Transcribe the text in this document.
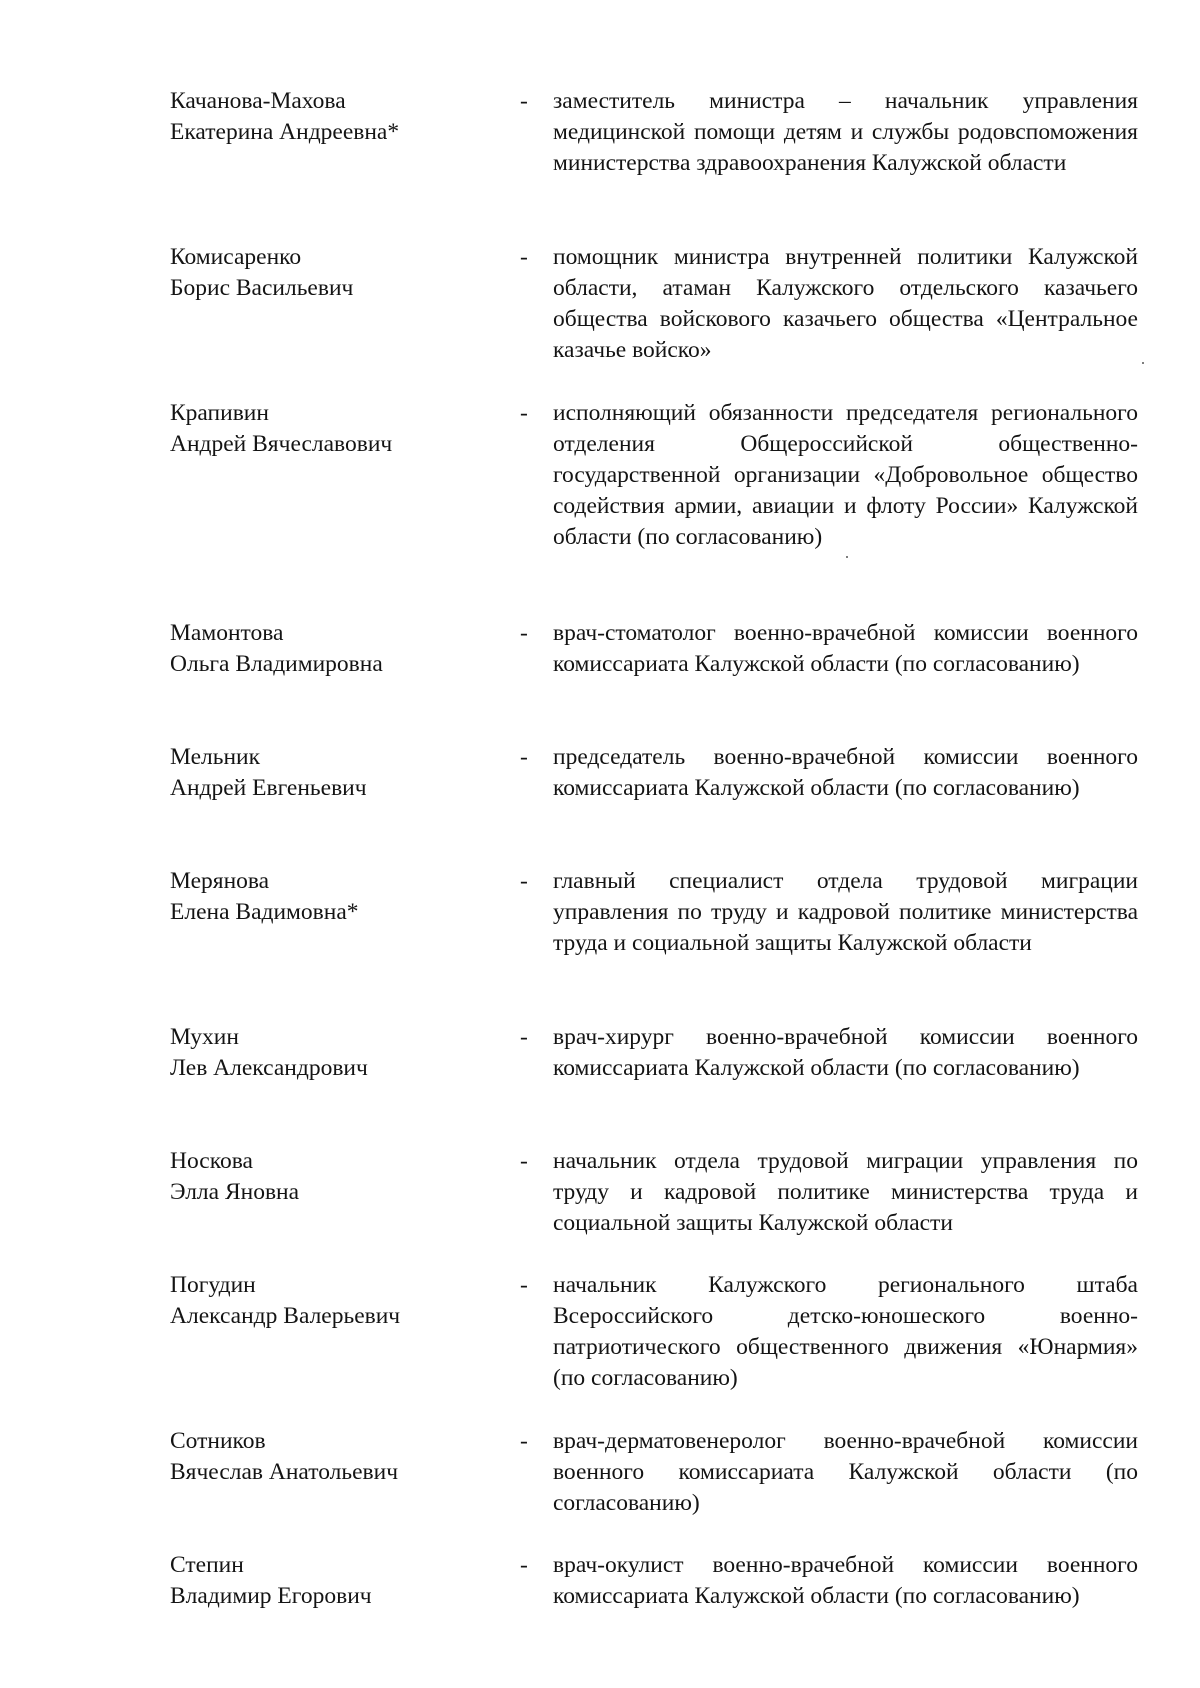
Качанова-Махова
Екатерина Андреевна*
- заместитель министра – начальник управления медицинской помощи детям и службы родовспоможения министерства здравоохранения Калужской области
Комисаренко
Борис Васильевич
- помощник министра внутренней политики Калужской области, атаман Калужского отдельского казачьего общества войскового казачьего общества «Центральное казачье войско»
Крапивин
Андрей Вячеславович
- исполняющий обязанности председателя регионального отделения Общероссийской общественно-государственной организации «Добровольное общество содействия армии, авиации и флоту России» Калужской области (по согласованию)
Мамонтова
Ольга Владимировна
- врач-стоматолог военно-врачебной комиссии военного комиссариата Калужской области (по согласованию)
Мельник
Андрей Евгеньевич
- председатель военно-врачебной комиссии военного комиссариата Калужской области (по согласованию)
Мерянова
Елена Вадимовна*
- главный специалист отдела трудовой миграции управления по труду и кадровой политике министерства труда и социальной защиты Калужской области
Мухин
Лев Александрович
- врач-хирург военно-врачебной комиссии военного комиссариата Калужской области (по согласованию)
Носкова
Элла Яновна
- начальник отдела трудовой миграции управления по труду и кадровой политике министерства труда и социальной защиты Калужской области
Погудин
Александр Валерьевич
- начальник Калужского регионального штаба Всероссийского детско-юношеского военно-патриотического общественного движения «Юнармия» (по согласованию)
Сотников
Вячеслав Анатольевич
- врач-дерматовенеролог военно-врачебной комиссии военного комиссариата Калужской области (по согласованию)
Степин
Владимир Егорович
- врач-окулист военно-врачебной комиссии военного комиссариата Калужской области (по согласованию)
